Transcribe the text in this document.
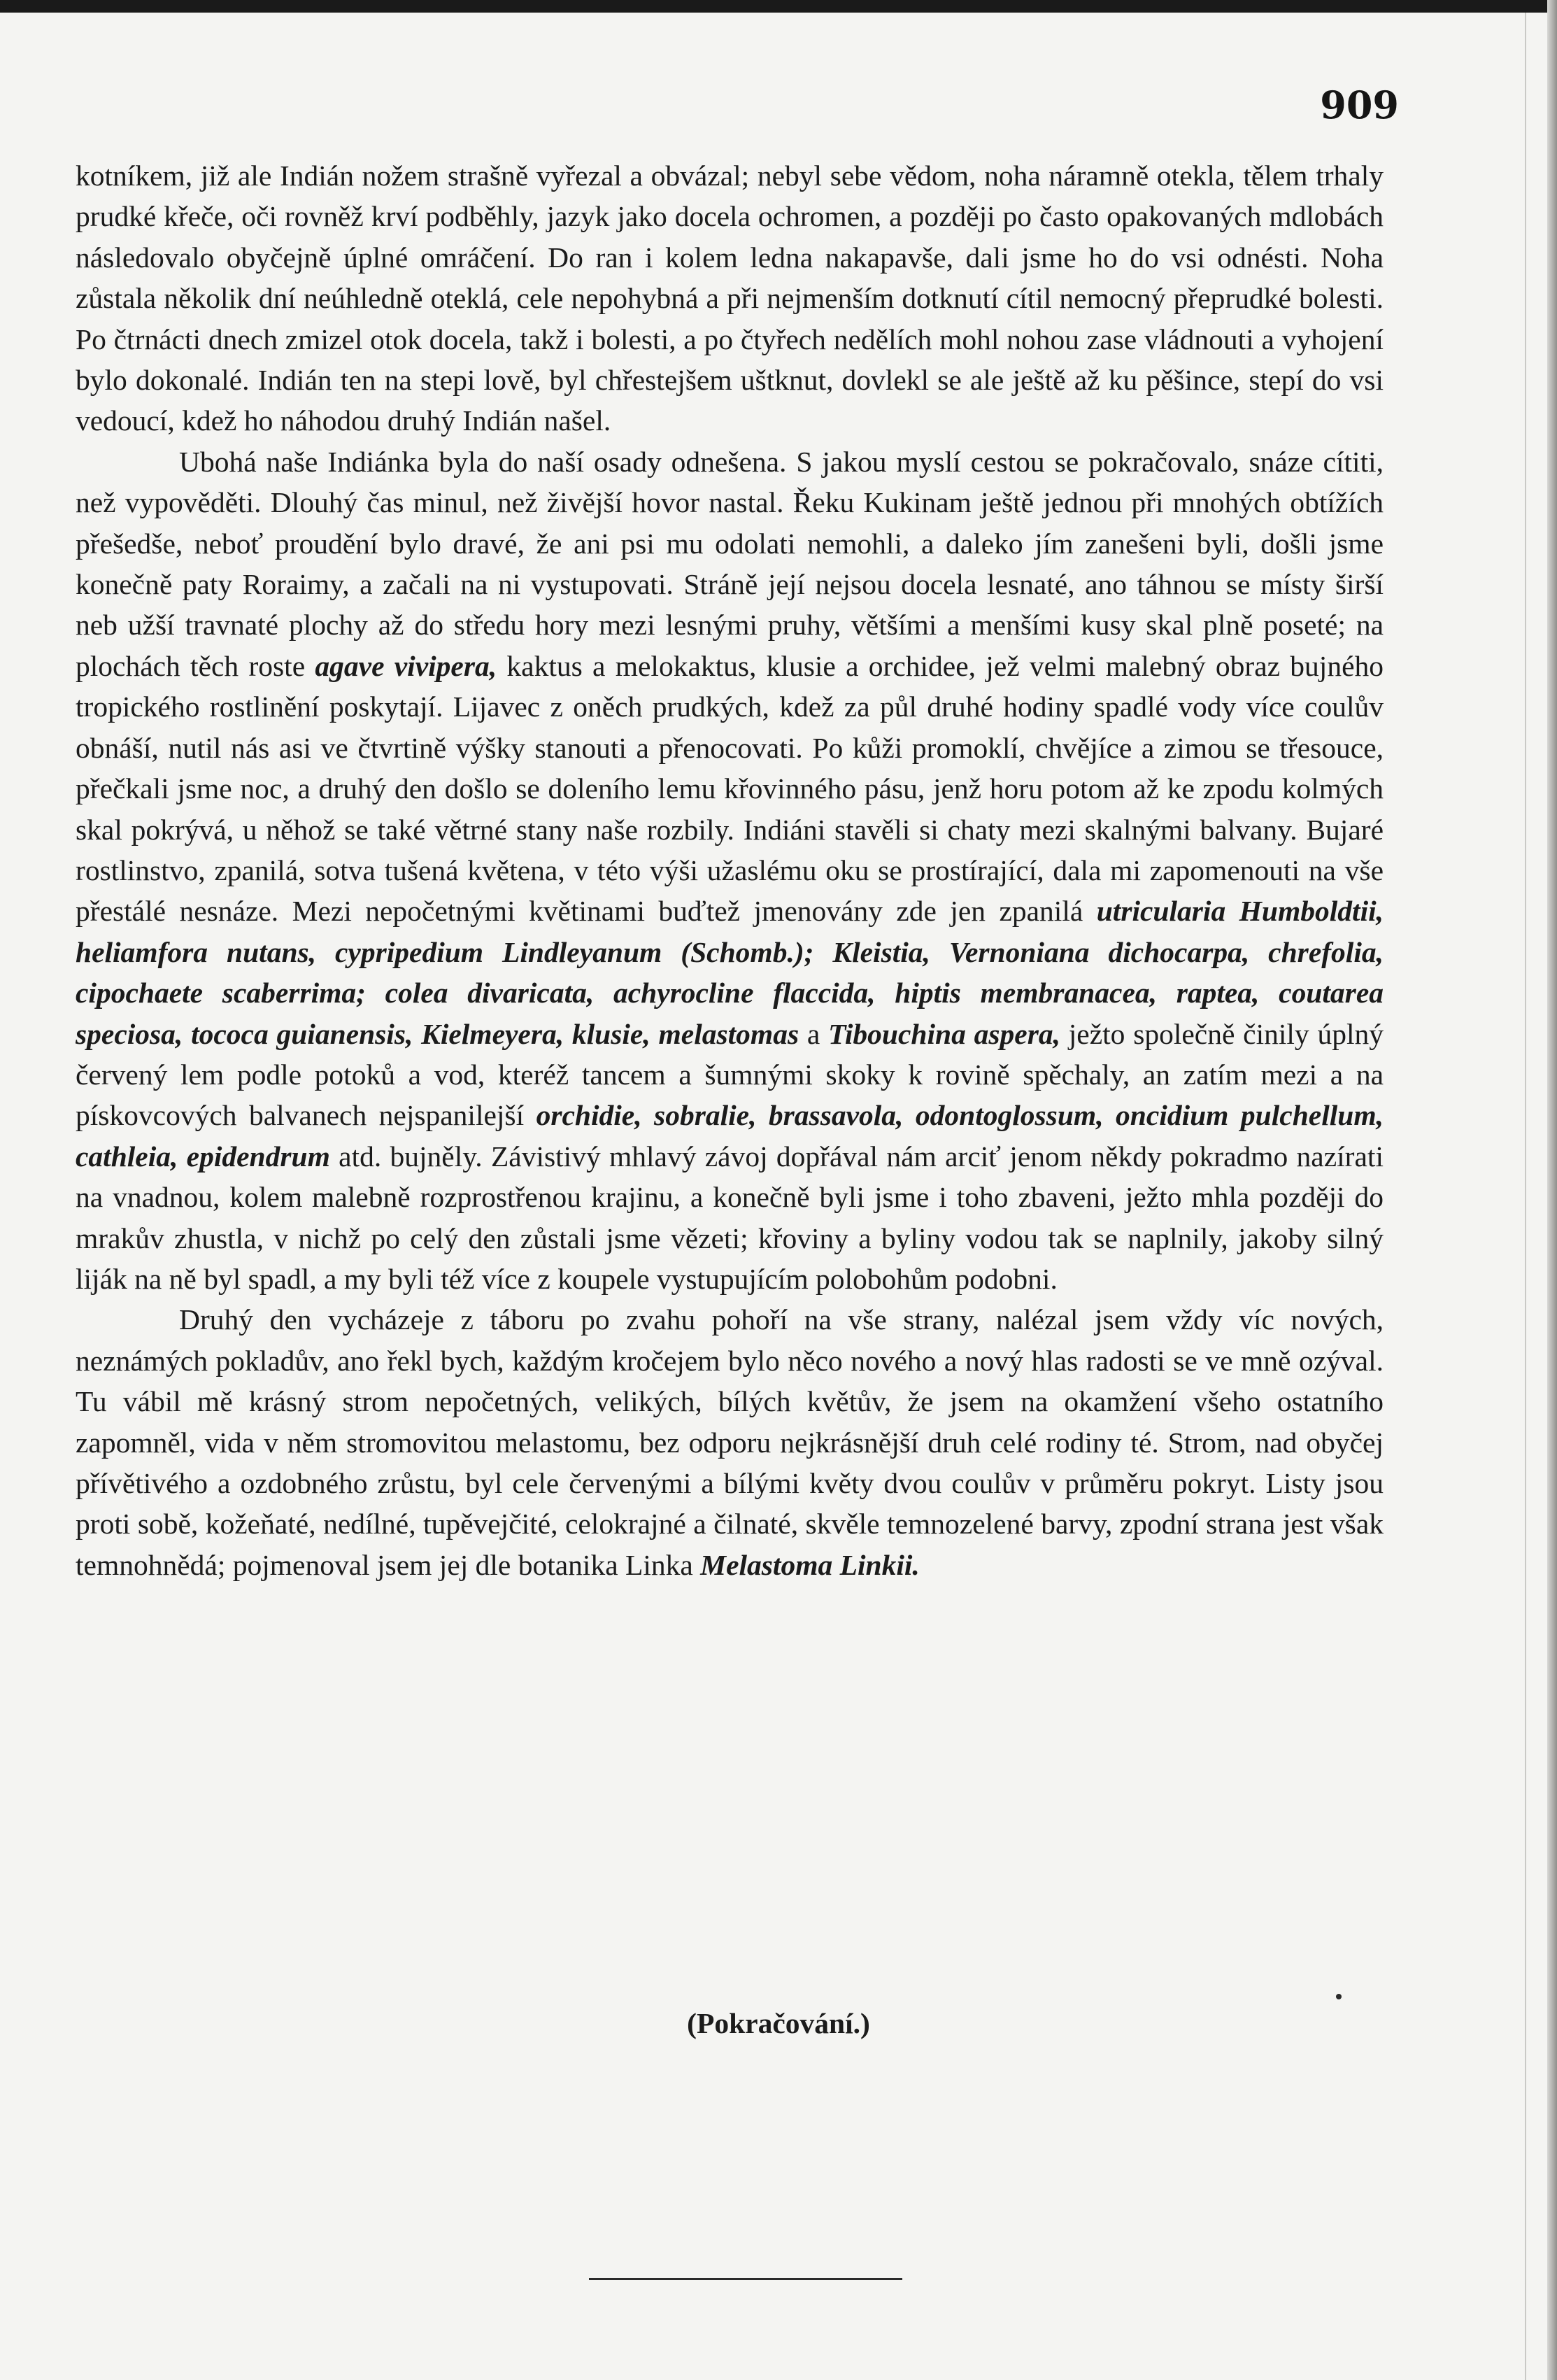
909

kotníkem, již ale Indián nožem strašně vyřezal a obvázal; nebyl sebe vědom, noha náramně otekla, tělem trhaly prudké křeče, oči rovněž krví podběhly, jazyk jako docela ochromen, a později po často opakovaných mdlobách následovalo obyčejně úplné omráčení. Do ran i kolem ledna nakapavše, dali jsme ho do vsi odnésti. Noha zůstala několik dní neúhledně oteklá, cele nepohybná a při nejmenším dotknutí cítil nemocný přeprudké bolesti. Po čtrnácti dnech zmizel otok docela, takž i bolesti, a po čtyřech nedělích mohl nohou zase vládnouti a vyhojení bylo dokonalé. Indián ten na stepi lově, byl chřestejšem uštknut, dovlekl se ale ještě až ku pěšince, stepí do vsi vedoucí, kdež ho náhodou druhý Indián našel.

Ubohá naše Indiánka byla do naší osady odnešena. S jakou myslí cestou se pokračovalo, snáze cítiti, než vypověděti. Dlouhý čas minul, než živější hovor nastal. Řeku Kukinam ještě jednou při mnohých obtížích přešedše, neboť proudění bylo dravé, že ani psi mu odolati nemohli, a daleko jím zanešeni byli, došli jsme konečně paty Roraimy, a začali na ni vystupovati. Stráně její nejsou docela lesnaté, ano táhnou se místy širší neb užší travnaté plochy až do středu hory mezi lesnými pruhy, většími a menšími kusy skal plně poseté; na plochách těch roste agave vivipera, kaktus a melokaktus, klusie a orchidee, jež velmi malebný obraz bujného tropického rostlinění poskytají. Lijavec z oněch prudkých, kdež za půl druhé hodiny spadlé vody více coulův obnáší, nutil nás asi ve čtvrtině výšky stanouti a přenocovati. Po kůži promoklí, chvějíce a zimou se třesouce, přečkali jsme noc, a druhý den došlo se doleního lemu křovinného pásu, jenž horu potom až ke zpodu kolmých skal pokrývá, u něhož se také větrné stany naše rozbily. Indiáni stavěli si chaty mezi skalnými balvany. Bujaré rostlinstvo, zpanilá, sotva tušená květena, v této výši užaslému oku se prostírající, dala mi zapomenouti na vše přestálé nesnáze. Mezi nepočetnými květinami buďtež jmenovány zde jen zpanilá utricularia Humboldtii, heliamfora nutans, cypripedium Lindleyanum (Schomb.); Kleistia, Vernoniana dichocarpa, chrefolia, cipochaete scaberrima; colea divaricata, achyrocline flaccida, hiptis membranacea, raptea, coutarea speciosa, tococa guianensis, Kielmeyera, klusie, melastomas a Tibouchina aspera, ježto společně činily úplný červený lem podle potoků a vod, kteréž tancem a šumnými skoky k rovině spěchaly, an zatím mezi a na pískovcových balvanech nejspanilejší orchidie, sobralie, brassavola, odontoglossum, oncidium pulchellum, cathleia, epidendrum atd. bujněly. Závistivý mhlavý závoj dopřával nám arciť jenom někdy pokradmo nazírati na vnadnou, kolem malebně rozprostřenou krajinu, a konečně byli jsme i toho zbaveni, ježto mhla později do mrakův zhustla, v nichž po celý den zůstali jsme vězeti; křoviny a byliny vodou tak se naplnily, jakoby silný liják na ně byl spadl, a my byli též více z koupele vystupujícím polobohům podobni.

Druhý den vycházeje z táboru po zvahu pohoří na vše strany, nalézal jsem vždy víc nových, neznámých pokladův, ano řekl bych, každým kročejem bylo něco nového a nový hlas radosti se ve mně ozýval. Tu vábil mě krásný strom nepočetných, velikých, bílých květův, že jsem na okamžení všeho ostatního zapomněl, vida v něm stromovitou melastomu, bez odporu nejkrásnější druh celé rodiny té. Strom, nad obyčej přívětivého a ozdobného zrůstu, byl cele červenými a bílými květy dvou coulův v průměru pokryt. Listy jsou proti sobě, kožeňaté, nedílné, tupěvejčité, celokrajné a čilnaté, skvěle temnozelené barvy, zpodní strana jest však temnohnědá; pojmenoval jsem jej dle botanika Linka Melastoma Linkii.

(Pokračování.)
